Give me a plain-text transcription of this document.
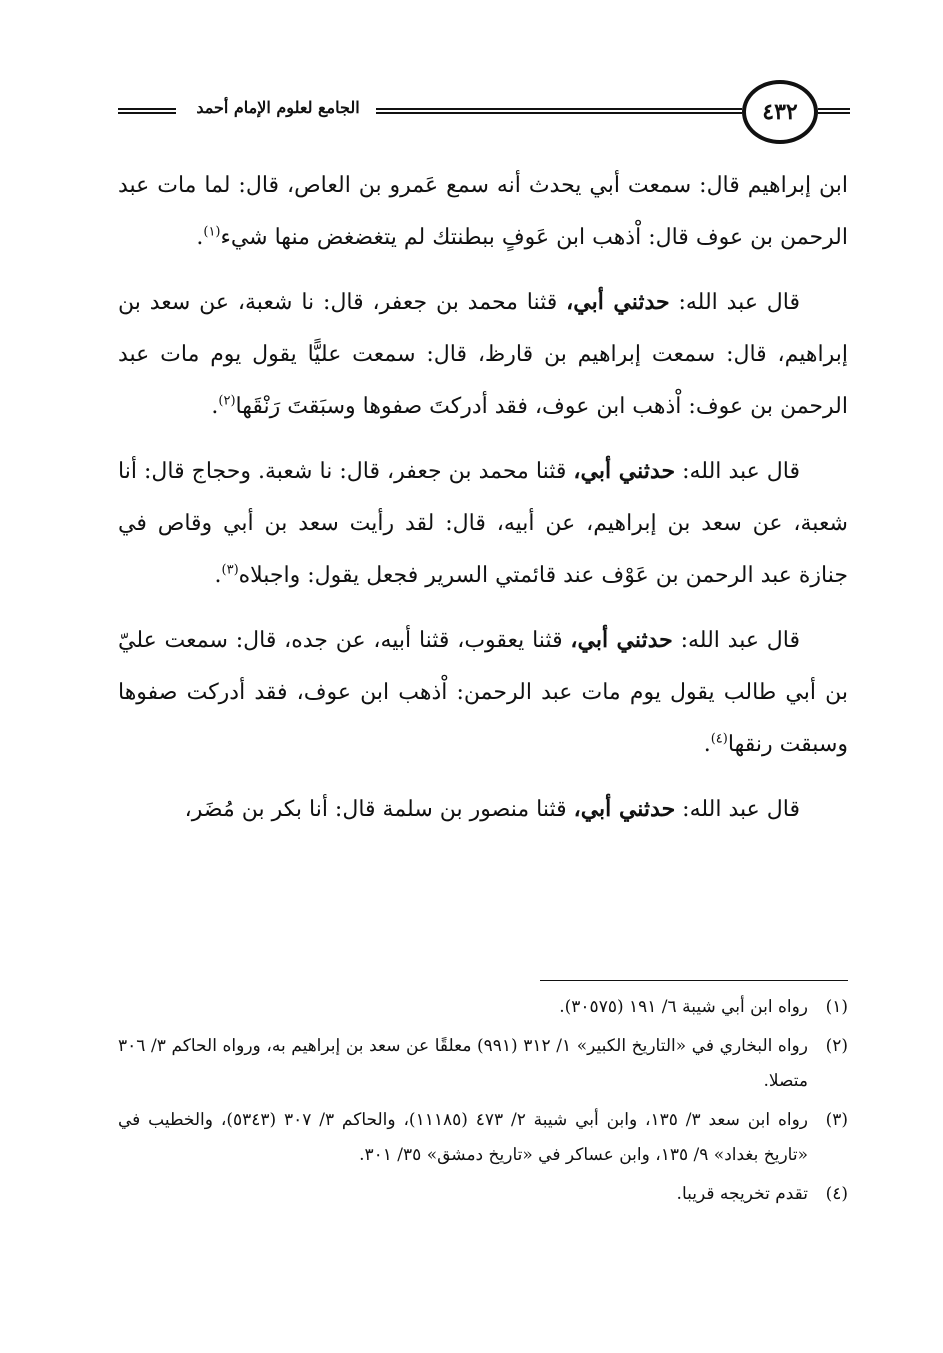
الجامع لعلوم الإمام أحمد	٤٣٢

ابن إبراهيم قال: سمعت أبي يحدث أنه سمع عَمرو بن العاص، قال: لما مات عبد الرحمن بن عوف قال: اْذهب ابن عَوفٍ ببطنتك لم يتغضغض منها شيء$^{(١)}$.

قال عبد الله: حدثني أبي، قثنا محمد بن جعفر، قال: نا شعبة، عن سعد بن إبراهيم، قال: سمعت إبراهيم بن قارظ، قال: سمعت عليًّا يقول يوم مات عبد الرحمن بن عوف: اْذهب ابن عوف، فقد أدركتَ صفوها وسبَقتَ رَنْقَها$^{(٢)}$.

قال عبد الله: حدثني أبي، قثنا محمد بن جعفر، قال: نا شعبة. وحجاج قال: أنا شعبة، عن سعد بن إبراهيم، عن أبيه، قال: لقد رأيت سعد بن أبي وقاص في جنازة عبد الرحمن بن عَوْف عند قائمتي السرير فجعل يقول: واجبلاه$^{(٣)}$.

قال عبد الله: حدثني أبي، قثنا يعقوب، قثنا أبيه، عن جده، قال: سمعت عليّ بن أبي طالب يقول يوم مات عبد الرحمن: اْذهب ابن عوف، فقد أدركت صفوها وسبقت رنقها$^{(٤)}$.

قال عبد الله: حدثني أبي، قثنا منصور بن سلمة قال: أنا بكر بن مُضَر،

(١)
رواه ابن أبي شيبة ٦/ ١٩١ (٣٠٥٧٥).
(٢)
رواه البخاري في «التاريخ الكبير» ١/ ٣١٢ (٩٩١) معلقًا عن سعد بن إبراهيم به، ورواه الحاكم ٣/ ٣٠٦ متصلا.
(٣)
رواه ابن سعد ٣/ ١٣٥، وابن أبي شيبة ٢/ ٤٧٣ (١١١٨٥)، والحاكم ٣/ ٣٠٧ (٥٣٤٣)، والخطيب في «تاريخ بغداد» ٩/ ١٣٥، وابن عساكر في «تاريخ دمشق» ٣٥/ ٣٠١.
(٤)
تقدم تخريجه قريبا.
